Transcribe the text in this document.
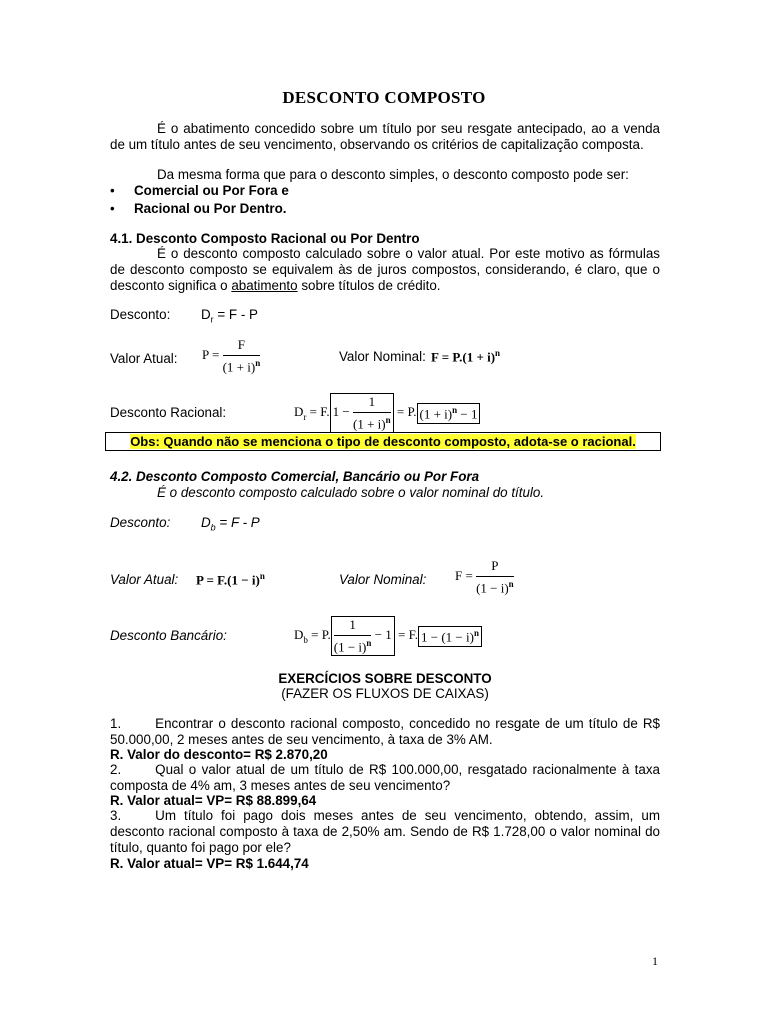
DESCONTO COMPOSTO
É o abatimento concedido sobre um título por seu resgate antecipado, ao a venda de um título antes de seu vencimento, observando os critérios de capitalização composta.
Da mesma forma que para o desconto simples, o desconto composto pode ser:
• Comercial ou Por Fora e
• Racional ou Por Dentro.
4.1. Desconto Composto Racional ou Por Dentro
É o desconto composto calculado sobre o valor atual. Por este motivo as fórmulas de desconto composto se equivalem às de juros compostos, considerando, é claro, que o desconto significa o abatimento sobre títulos de crédito.
Desconto: $D_r = F - P$
Valor Atual: $P = \frac{F}{(1 + i)^n}$	Valor Nominal: $F = P.(1 + i)^n$
Desconto Racional:	$D_r = F$. $1 - \frac{1}{(1 + i)^n} = P$. $(1 + i)^n - 1$
Obs: Quando não se menciona o tipo de desconto composto, adota-se o racional.
4.2. Desconto Composto Comercial, Bancário ou Por Fora
É o desconto composto calculado sobre o valor nominal do título.
Desconto: $D_b = F - P$
Valor Atual: $P = F.(1 - i)^n$	Valor Nominal: $F = \frac{P}{(1 - i)^n}$
Desconto Bancário:	$D_b = P$. $\frac{1}{(1 - i)^n} - 1 = F$. $1 - (1 - i)^n$
EXERCÍCIOS SOBRE DESCONTO
(FAZER OS FLUXOS DE CAIXAS)
1.	Encontrar o desconto racional composto, concedido no resgate de um título de R$ 50.000,00, 2 meses antes de seu vencimento, à taxa de 3% AM.
R. Valor do desconto= R$ 2.870,20
2.	Qual o valor atual de um título de R$ 100.000,00, resgatado racionalmente à taxa composta de 4% am, 3 meses antes de seu vencimento?
R. Valor atual= VP= R$ 88.899,64
3.	Um título foi pago dois meses antes de seu vencimento, obtendo, assim, um desconto racional composto à taxa de 2,50% am. Sendo de R$ 1.728,00 o valor nominal do título, quanto foi pago por ele?
R. Valor atual= VP= R$ 1.644,74
1
